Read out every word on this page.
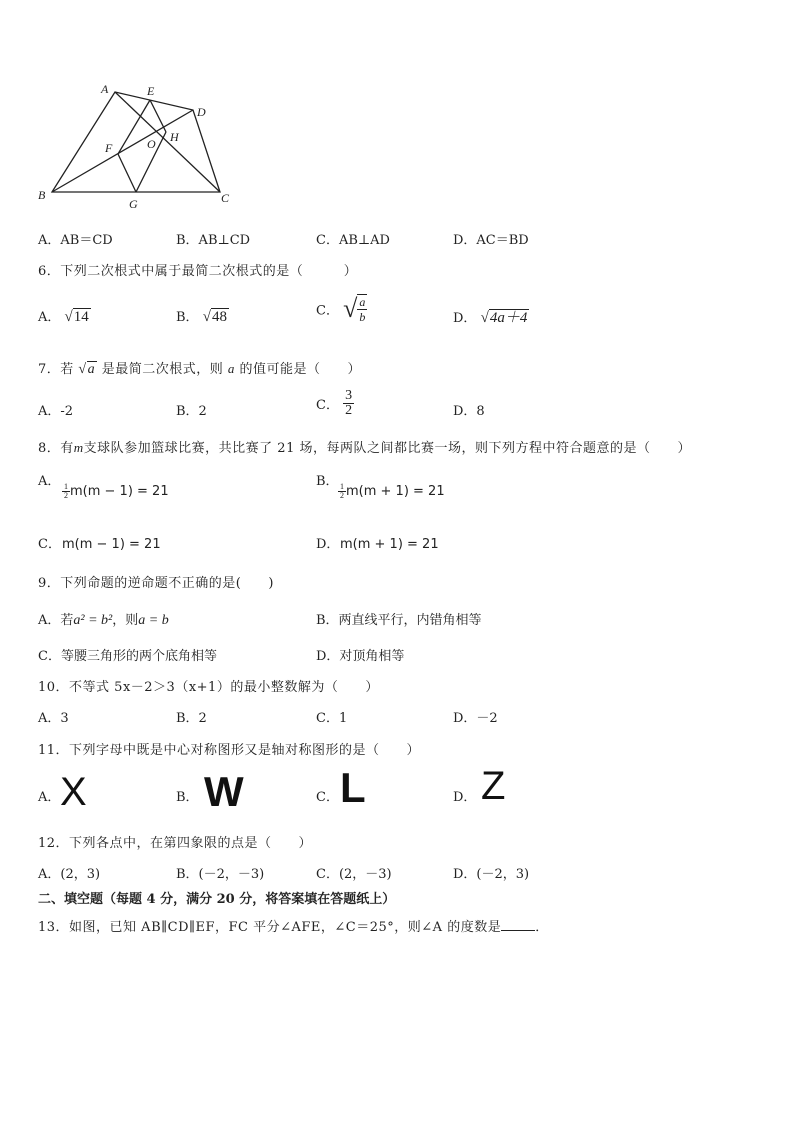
A	E
D
F	O H
B
G	C
A．AB＝CD	B．AB⊥CD	C．AB⊥AD	D．AC＝BD
6．下列二次根式中属于最简二次根式的是（　　　）
A． √14	B． √48	C． √ $\frac{a}{b}$	D． √4a＋4
7．若 √a 是最简二次根式，则 a 的值可能是（　　）
A．-2	B．2	C． $\frac{3}{2}$	D．8
8．有m支球队参加篮球比赛，共比赛了 21 场，每两队之间都比赛一场，则下列方程中符合题意的是（　　）
A．
$\frac{1}{2} m(m - 1) = 21$
B．
$\frac{1}{2} m(m + 1) = 21$
C． m(m − 1) = 21	D． m(m + 1) = 21
9．下列命题的逆命题不正确的是(　　)
A．若a² = b²，则a = b	B．两直线平行，内错角相等
C．等腰三角形的两个底角相等	D．对顶角相等
10．不等式 5x－2＞3（x+1）的最小整数解为（　　）
A．3	B．2	C．1	D．－2
11．下列字母中既是中心对称图形又是轴对称图形的是（　　）
A． X	B． W	C． L	D． Z
12．下列各点中，在第四象限的点是（　　）
A．(2，3)	B．(－2，－3)	C．(2，－3)	D．(－2，3)
二、填空题（每题 4 分，满分 20 分，将答案填在答题纸上）
13．如图，已知 AB∥CD∥EF，FC 平分∠AFE，∠C＝25°，则∠A 的度数是	．
